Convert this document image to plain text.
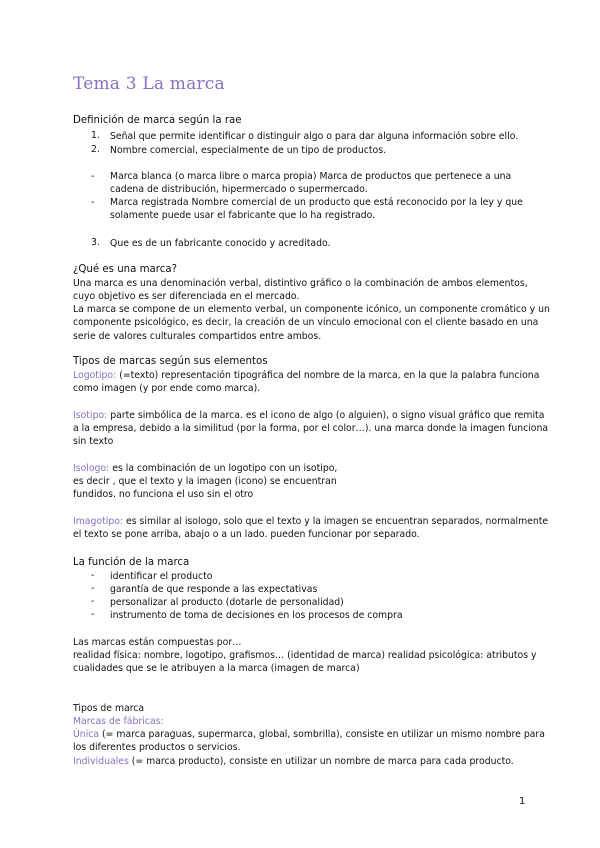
Tema 3 La marca
Definición de marca según la rae
1. Señal que permite identificar o distinguir algo o para dar alguna información sobre ello.
2. Nombre comercial, especialmente de un tipo de productos.
- Marca blanca (o marca libre o marca propia) Marca de productos que pertenece a una
cadena de distribución, hipermercado o supermercado.
- Marca registrada Nombre comercial de un producto que está reconocido por la ley y que
solamente puede usar el fabricante que lo ha registrado.
3. Que es de un fabricante conocido y acreditado.
¿Qué es una marca?
Una marca es una denominación verbal, distintivo gráfico o la combinación de ambos elementos,
cuyo objetivo es ser diferenciada en el mercado.
La marca se compone de un elemento verbal, un componente icónico, un componente cromático y un
componente psicológico, es decir, la creación de un vínculo emocional con el cliente basado en una
serie de valores culturales compartidos entre ambos.
Tipos de marcas según sus elementos
Logotipo: (=texto) representación tipográfica del nombre de la marca, en la que la palabra funciona
como imagen (y por ende como marca).
Isotipo: parte simbólica de la marca. es el icono de algo (o alguien), o signo visual gráfico que remita
a la empresa, debido a la similitud (por la forma, por el color…). una marca donde la imagen funciona
sin texto
Isologo: es la combinación de un logotipo con un isotipo,
es decir , que el texto y la imagen (icono) se encuentran
fundidos. no funciona el uso sin el otro
Imagotipo: es similar al isologo, solo que el texto y la imagen se encuentran separados, normalmente
el texto se pone arriba, abajo o a un lado. pueden funcionar por separado.
La función de la marca
- identificar el producto
- garantía de que responde a las expectativas
- personalizar al producto (dotarle de personalidad)
- instrumento de toma de decisiones en los procesos de compra
Las marcas están compuestas por…
realidad física: nombre, logotipo, grafismos… (identidad de marca) realidad psicológica: atributos y
cualidades que se le atribuyen a la marca (imagen de marca)
Tipos de marca
Marcas de fábricas:
Única (= marca paraguas, supermarca, global, sombrilla), consiste en utilizar un mismo nombre para
los diferentes productos o servicios.
Individuales (= marca producto), consiste en utilizar un nombre de marca para cada producto.
1
